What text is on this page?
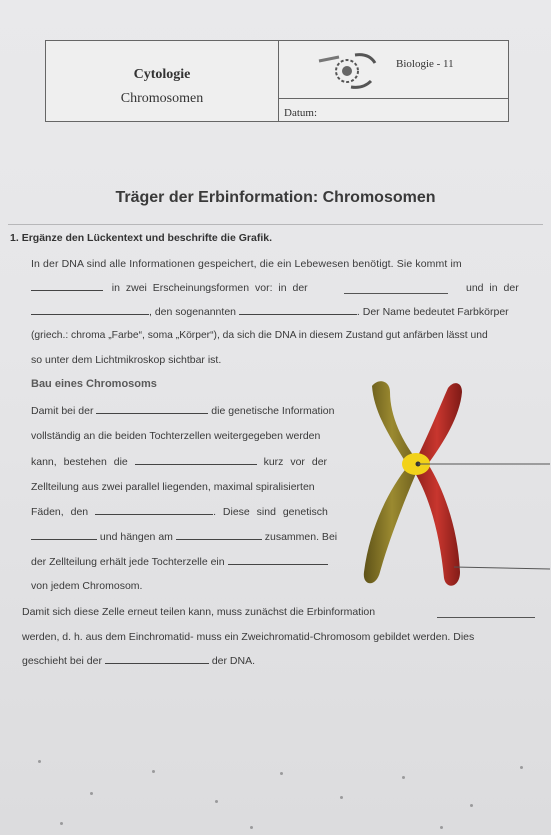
Cytologie
Chromosomen
Biologie - 11
Datum:
Träger der Erbinformation: Chromosomen
1. Ergänze den Lückentext und beschrifte die Grafik.
In der DNA sind alle Informationen gespeichert, die ein Lebewesen benötigt. Sie kommt im
in zwei Erscheinungsformen vor: in der	und in der
, den sogenannten	. Der Name bedeutet Farbkörper
(griech.: chroma „Farbe“, soma „Körper“), da sich die DNA in diesem Zustand gut anfärben lässt und
so unter dem Lichtmikroskop sichtbar ist.
Bau eines Chromosoms
Damit bei der	die genetische Information
vollständig an die beiden Tochterzellen weitergegeben werden
kann, bestehen die	kurz vor der
Zellteilung aus zwei parallel liegenden, maximal spiralisierten
Fäden, den	. Diese sind genetisch
und hängen am	zusammen. Bei
der Zellteilung erhält jede Tochterzelle ein
von jedem Chromosom.
Damit sich diese Zelle erneut teilen kann, muss zunächst die Erbinformation
werden, d. h. aus dem Einchromatid- muss ein Zweichromatid-Chromosom gebildet werden. Dies
geschieht bei der	der DNA.
